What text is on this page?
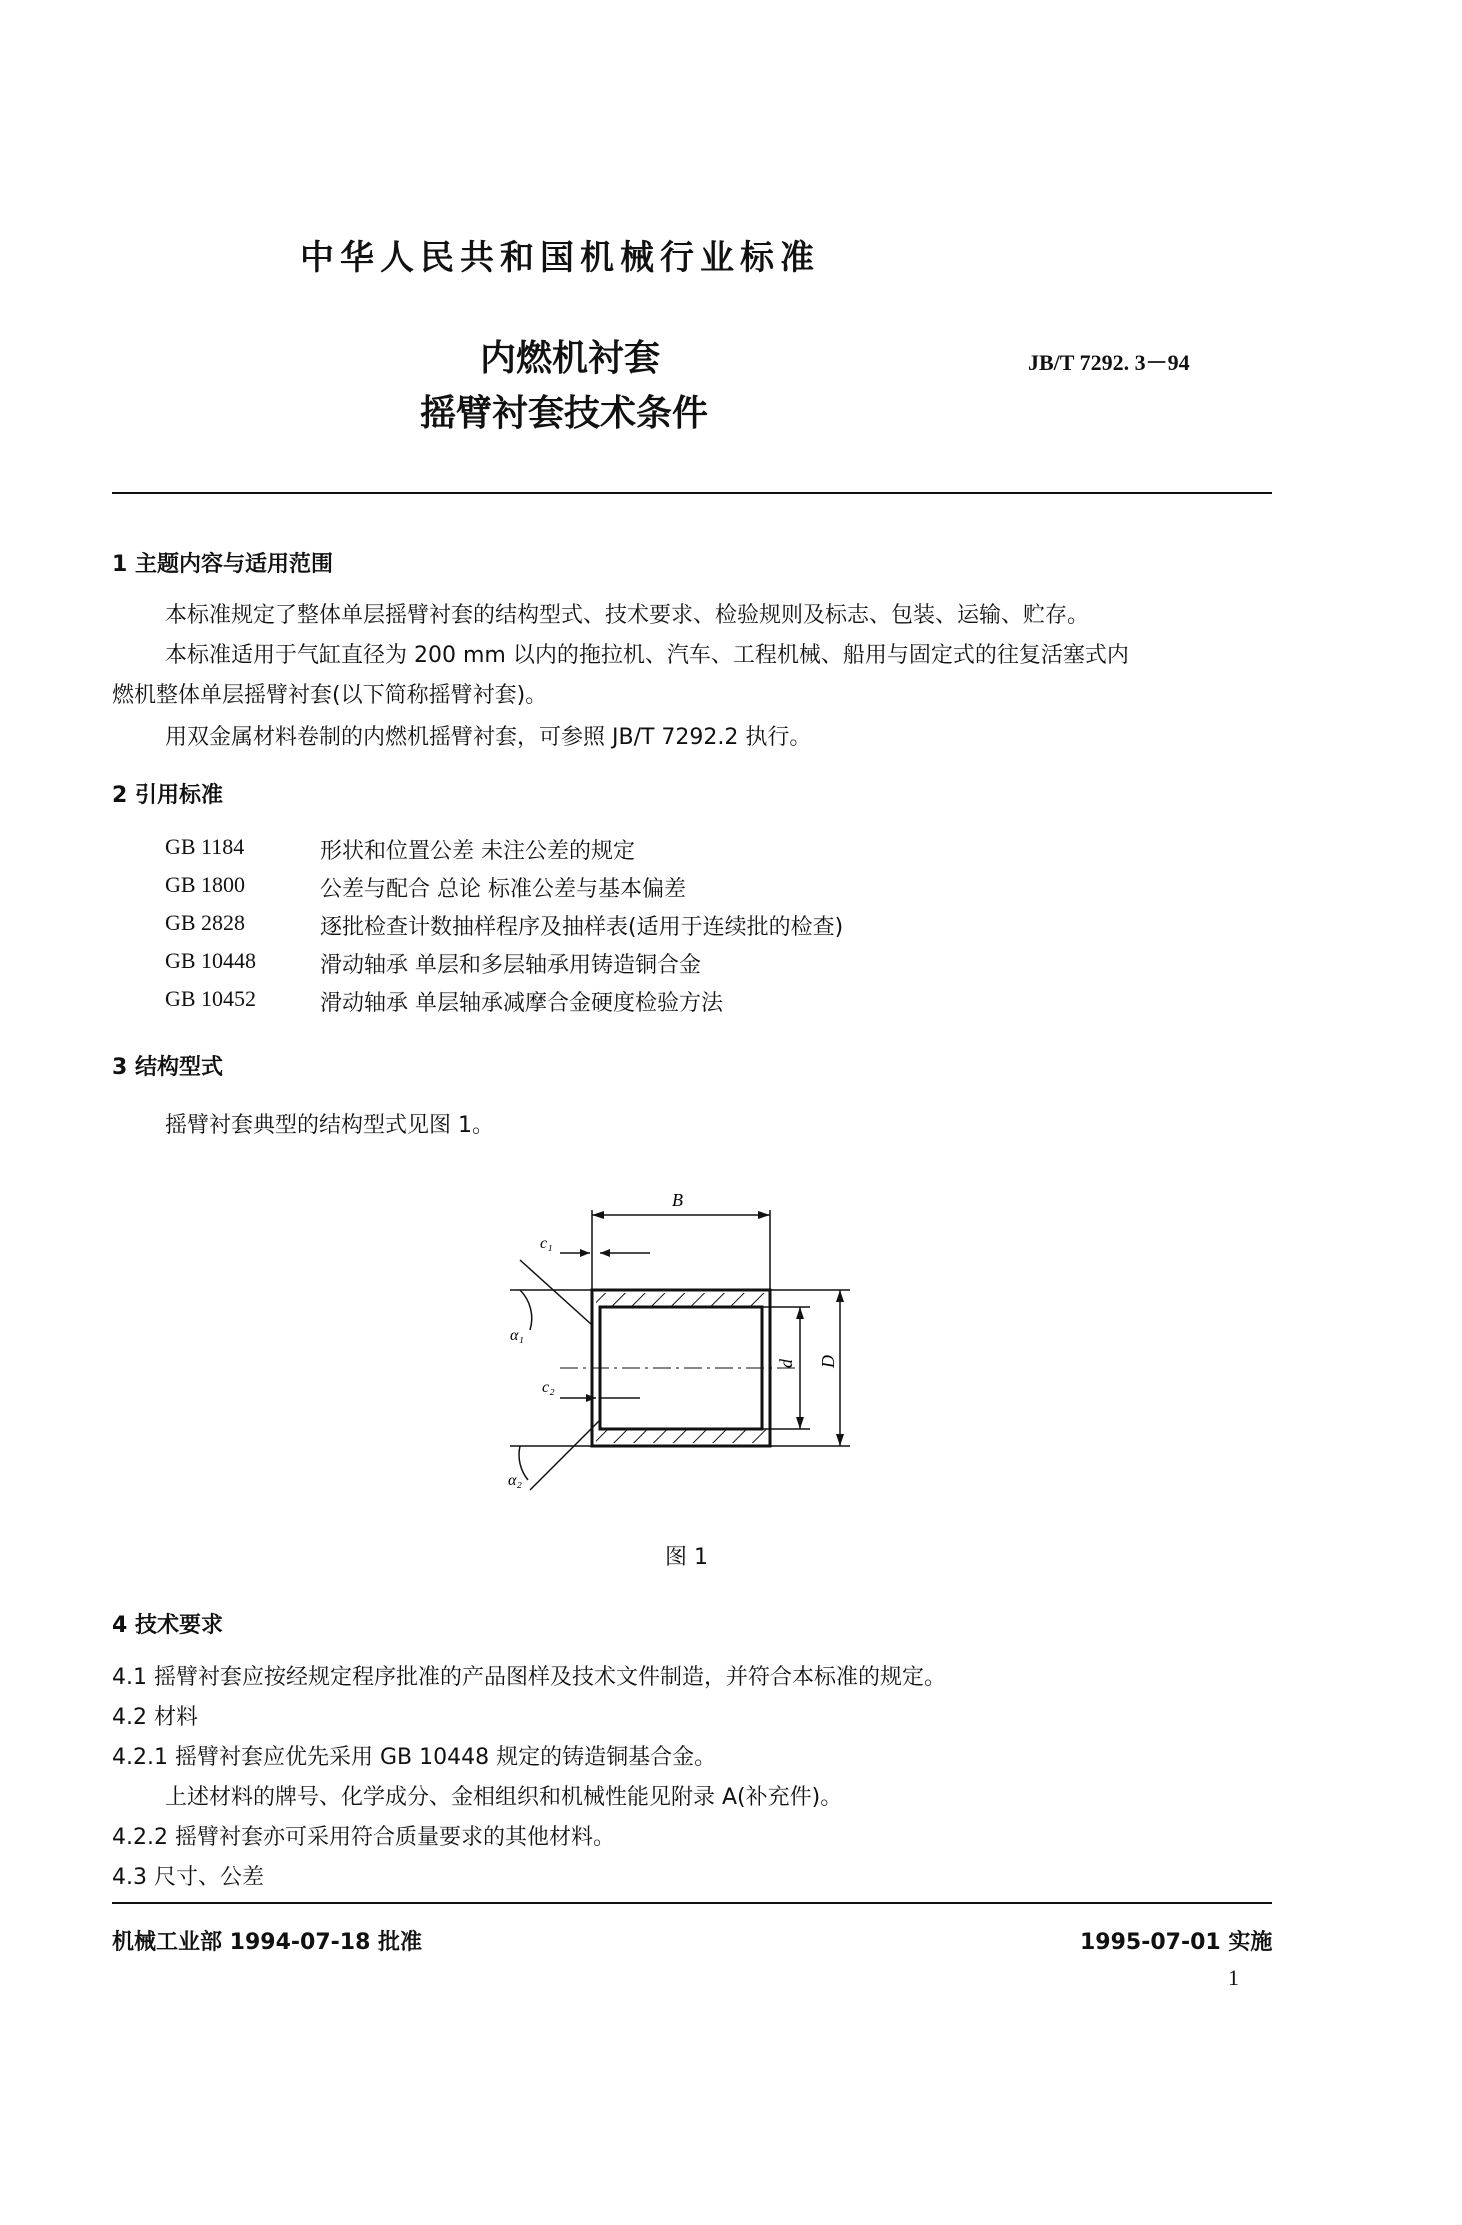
中华人民共和国机械行业标准
内燃机衬套
摇臂衬套技术条件
JB/T 7292. 3－94
1 主题内容与适用范围
本标准规定了整体单层摇臂衬套的结构型式、技术要求、检验规则及标志、包装、运输、贮存。
本标准适用于气缸直径为 200 mm 以内的拖拉机、汽车、工程机械、船用与固定式的往复活塞式内
燃机整体单层摇臂衬套(以下简称摇臂衬套)。
用双金属材料卷制的内燃机摇臂衬套，可参照 JB/T 7292.2 执行。
2 引用标准
GB 1184	形状和位置公差 未注公差的规定
GB 1800	公差与配合 总论 标准公差与基本偏差
GB 2828	逐批检查计数抽样程序及抽样表(适用于连续批的检查)
GB 10448	滑动轴承 单层和多层轴承用铸造铜合金
GB 10452	滑动轴承 单层轴承减摩合金硬度检验方法
3 结构型式
摇臂衬套典型的结构型式见图 1。
B
c₁
d D
α₁
c₂
α₂
图 1
4 技术要求
4.1 摇臂衬套应按经规定程序批准的产品图样及技术文件制造，并符合本标准的规定。
4.2 材料
4.2.1 摇臂衬套应优先采用 GB 10448 规定的铸造铜基合金。
上述材料的牌号、化学成分、金相组织和机械性能见附录 A(补充件)。
4.2.2 摇臂衬套亦可采用符合质量要求的其他材料。
4.3 尺寸、公差
机械工业部 1994-07-18 批准	1995-07-01 实施
1
